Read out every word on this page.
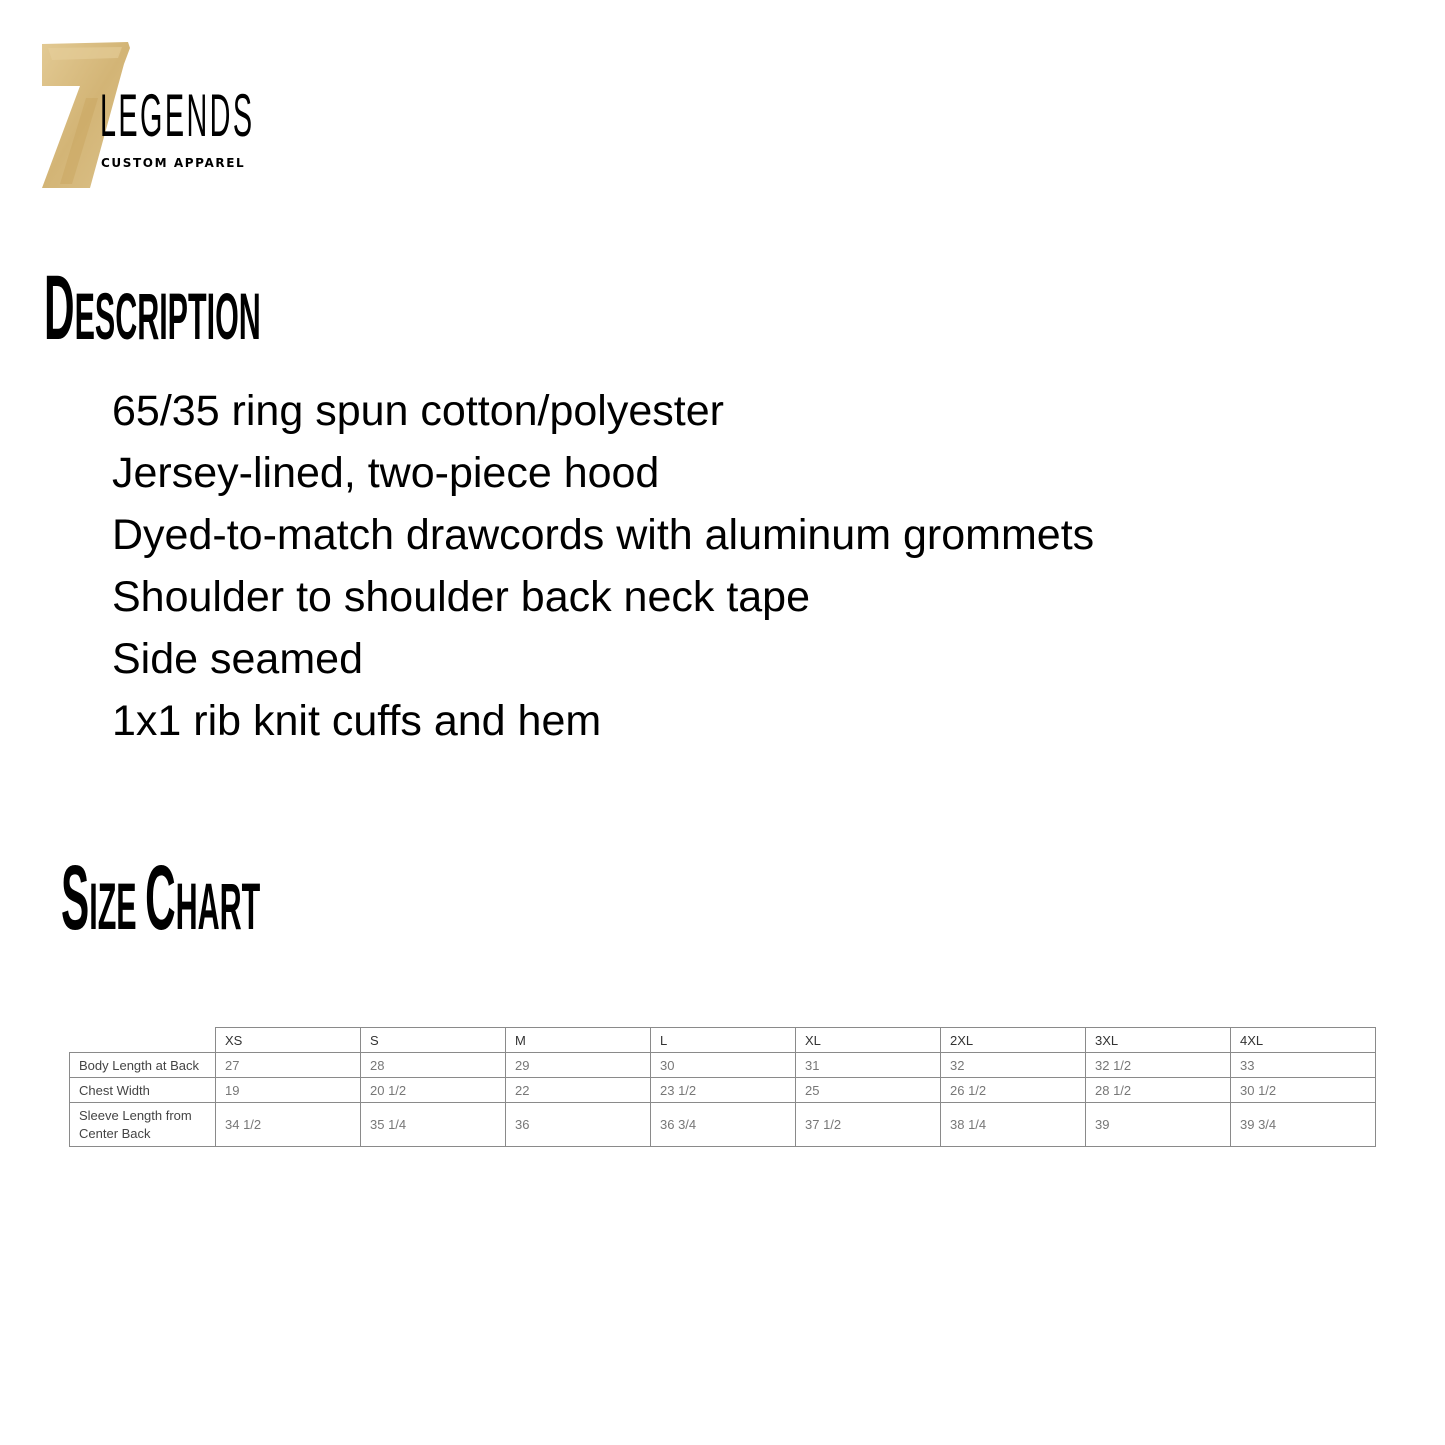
LEGENDS
CUSTOM APPAREL
DESCRIPTION
65/35 ring spun cotton/polyester
Jersey-lined, two-piece hood
Dyed-to-match drawcords with aluminum grommets
Shoulder to shoulder back neck tape
Side seamed
1x1 rib knit cuffs and hem
SIZE CHART
	XS	S	M	L	XL	2XL	3XL	4XL
Body Length at Back	27	28	29	30	31	32	32 1/2	33
Chest Width	19	20 1/2	22	23 1/2	25	26 1/2	28 1/2	30 1/2
Sleeve Length from
Center Back	34 1/2	35 1/4	36	36 3/4	37 1/2	38 1/4	39	39 3/4
